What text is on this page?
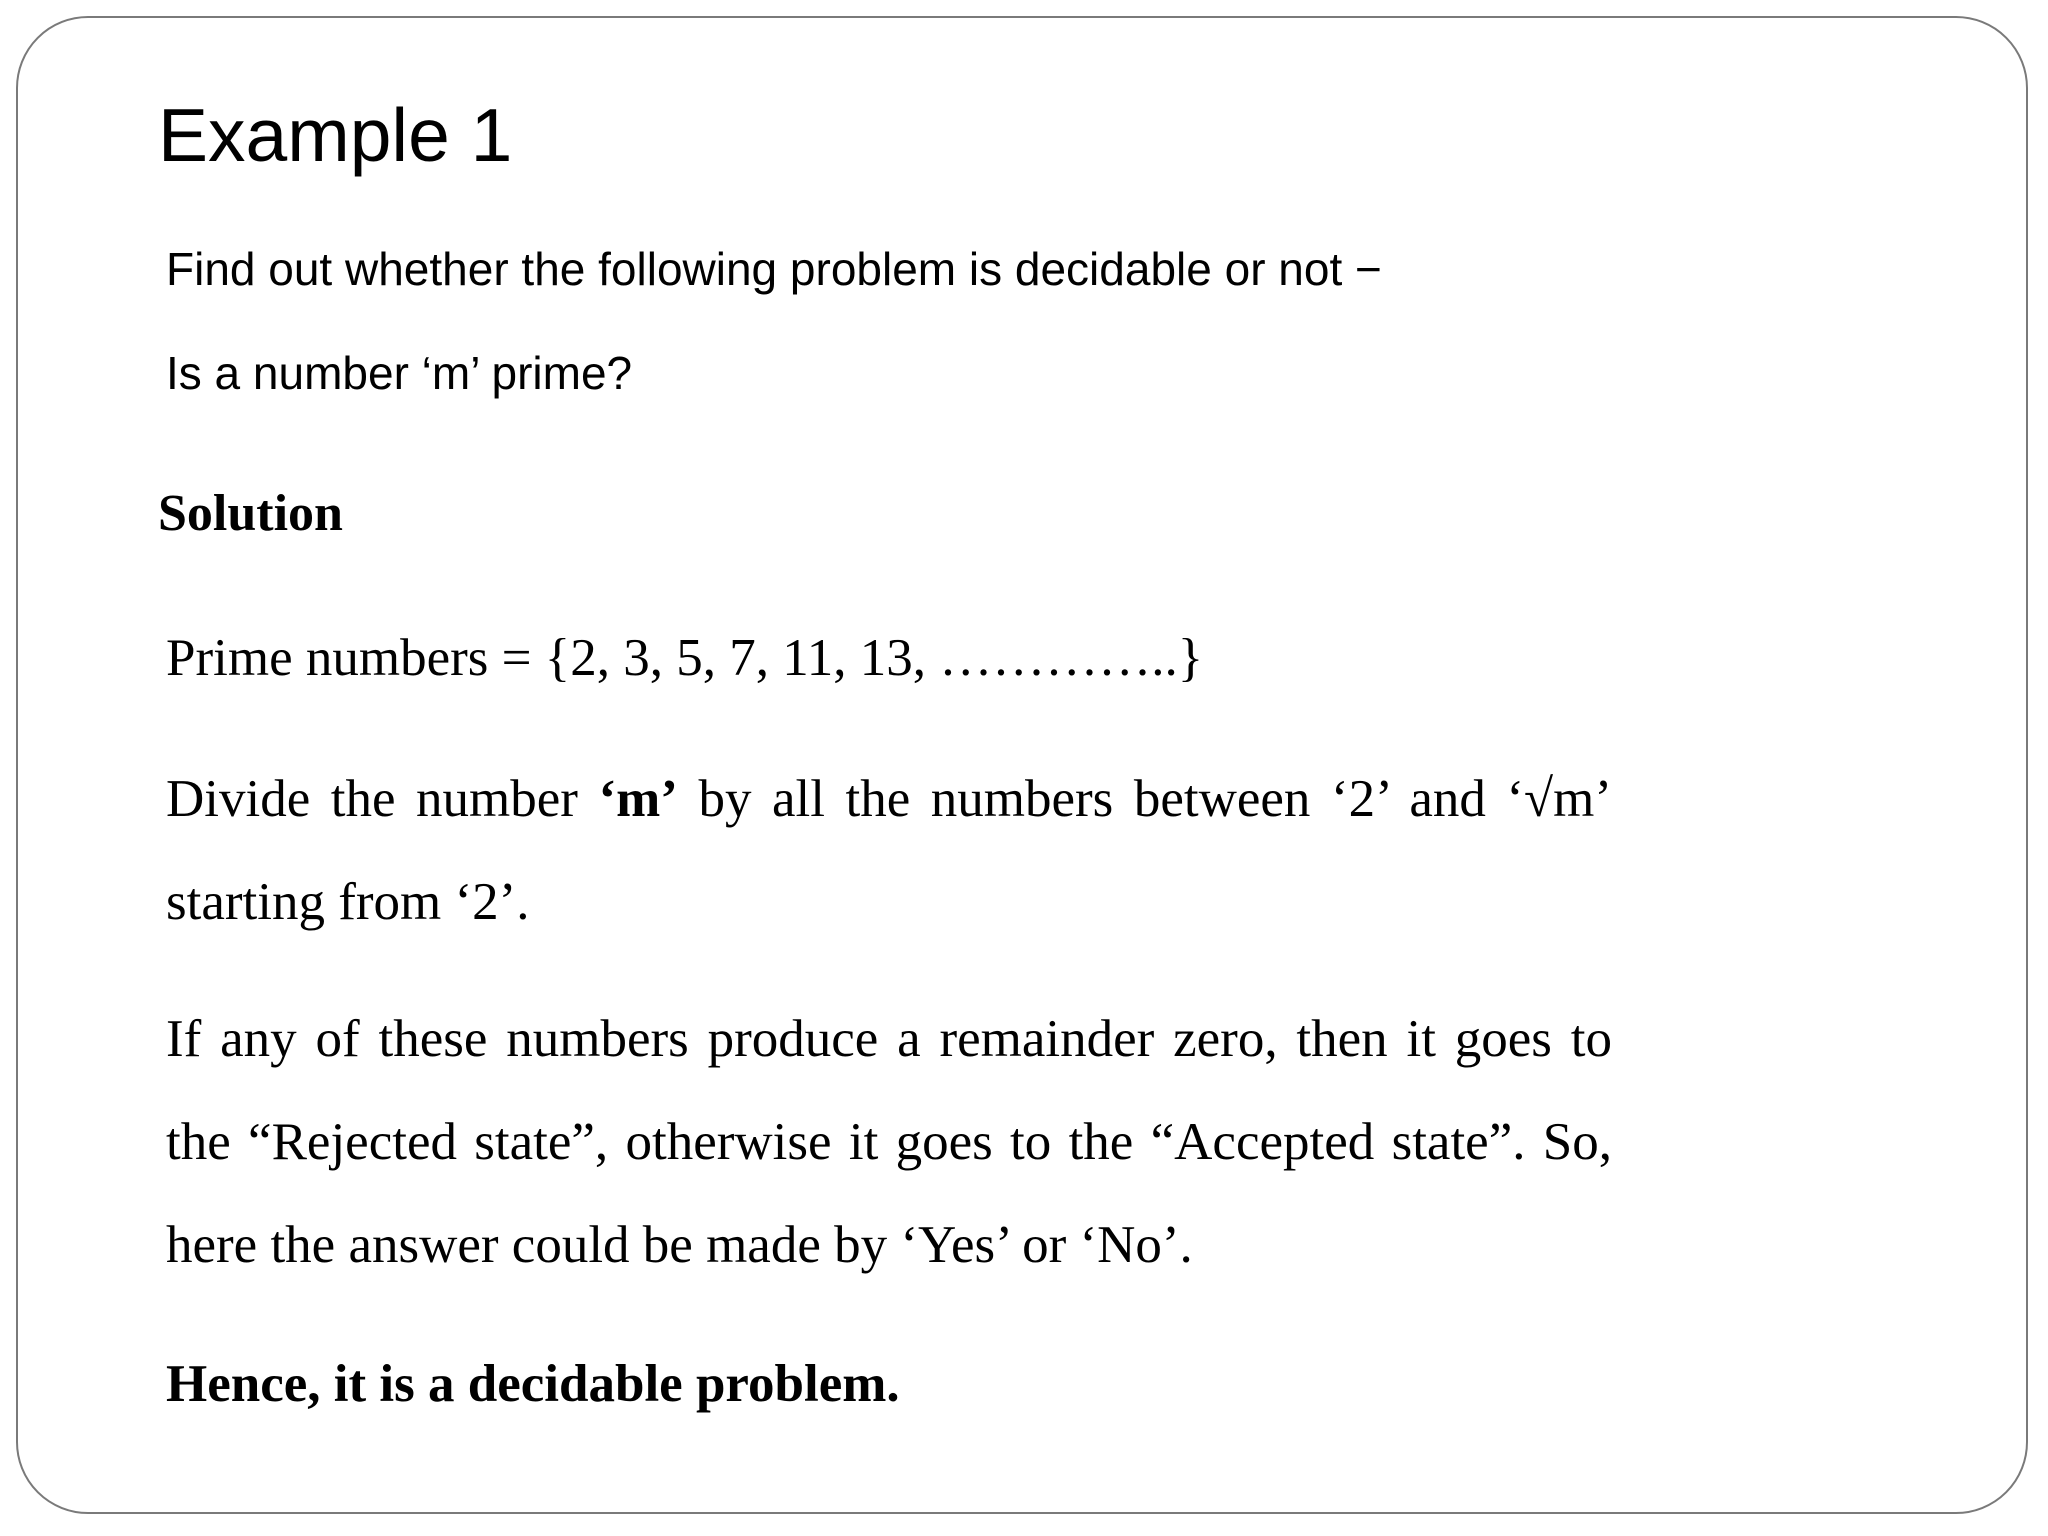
Example 1

Find out whether the following problem is decidable or not −

Is a number ‘m’ prime?

Solution

Prime numbers = {2, 3, 5, 7, 11, 13, …………..}

Divide the number ‘m’ by all the numbers between ‘2’ and ‘√m’ starting from ‘2’.

If any of these numbers produce a remainder zero, then it goes to the “Rejected state”, otherwise it goes to the “Accepted state”. So, here the answer could be made by ‘Yes’ or ‘No’.

Hence, it is a decidable problem.
